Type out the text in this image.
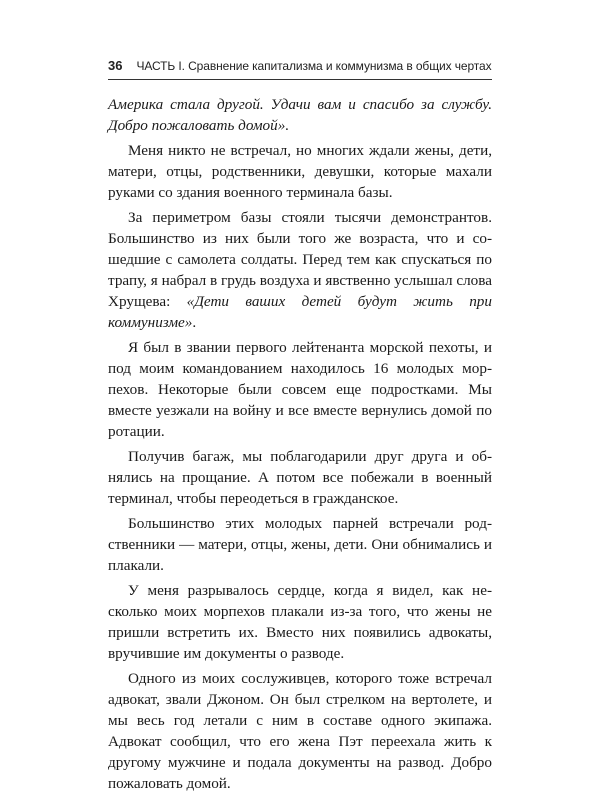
36 ЧАСТЬ I. Сравнение капитализма и коммунизма в общих чертах

Америка стала другой. Удачи вам и спасибо за службу. Добро пожаловать домой».

Меня никто не встречал, но многих ждали жены, дети, матери, отцы, родственники, девушки, которые махали руками со здания военного терминала базы.

За периметром базы стояли тысячи демонстрантов. Большинство из них были того же возраста, что и сошедшие с самолета солдаты. Перед тем как спускаться по трапу, я набрал в грудь воздуха и явственно услышал слова Хрущева: «Дети ваших детей будут жить при коммунизме».

Я был в звании первого лейтенанта морской пехоты, и под моим командованием находилось 16 молодых морпехов. Некоторые были совсем еще подростками. Мы вместе уезжали на войну и все вместе вернулись домой по ротации.

Получив багаж, мы поблагодарили друг друга и обнялись на прощание. А потом все побежали в военный терминал, чтобы переодеться в гражданское.

Большинство этих молодых парней встречали родственники — матери, отцы, жены, дети. Они обнимались и плакали.

У меня разрывалось сердце, когда я видел, как несколько моих морпехов плакали из-за того, что жены не пришли встретить их. Вместо них появились адвокаты, вручившие им документы о разводе.

Одного из моих сослуживцев, которого тоже встречал адвокат, звали Джоном. Он был стрелком на вертолете, и мы весь год летали с ним в составе одного экипажа. Адвокат сообщил, что его жена Пэт переехала жить к другому мужчине и подала документы на развод. Добро пожаловать домой.
